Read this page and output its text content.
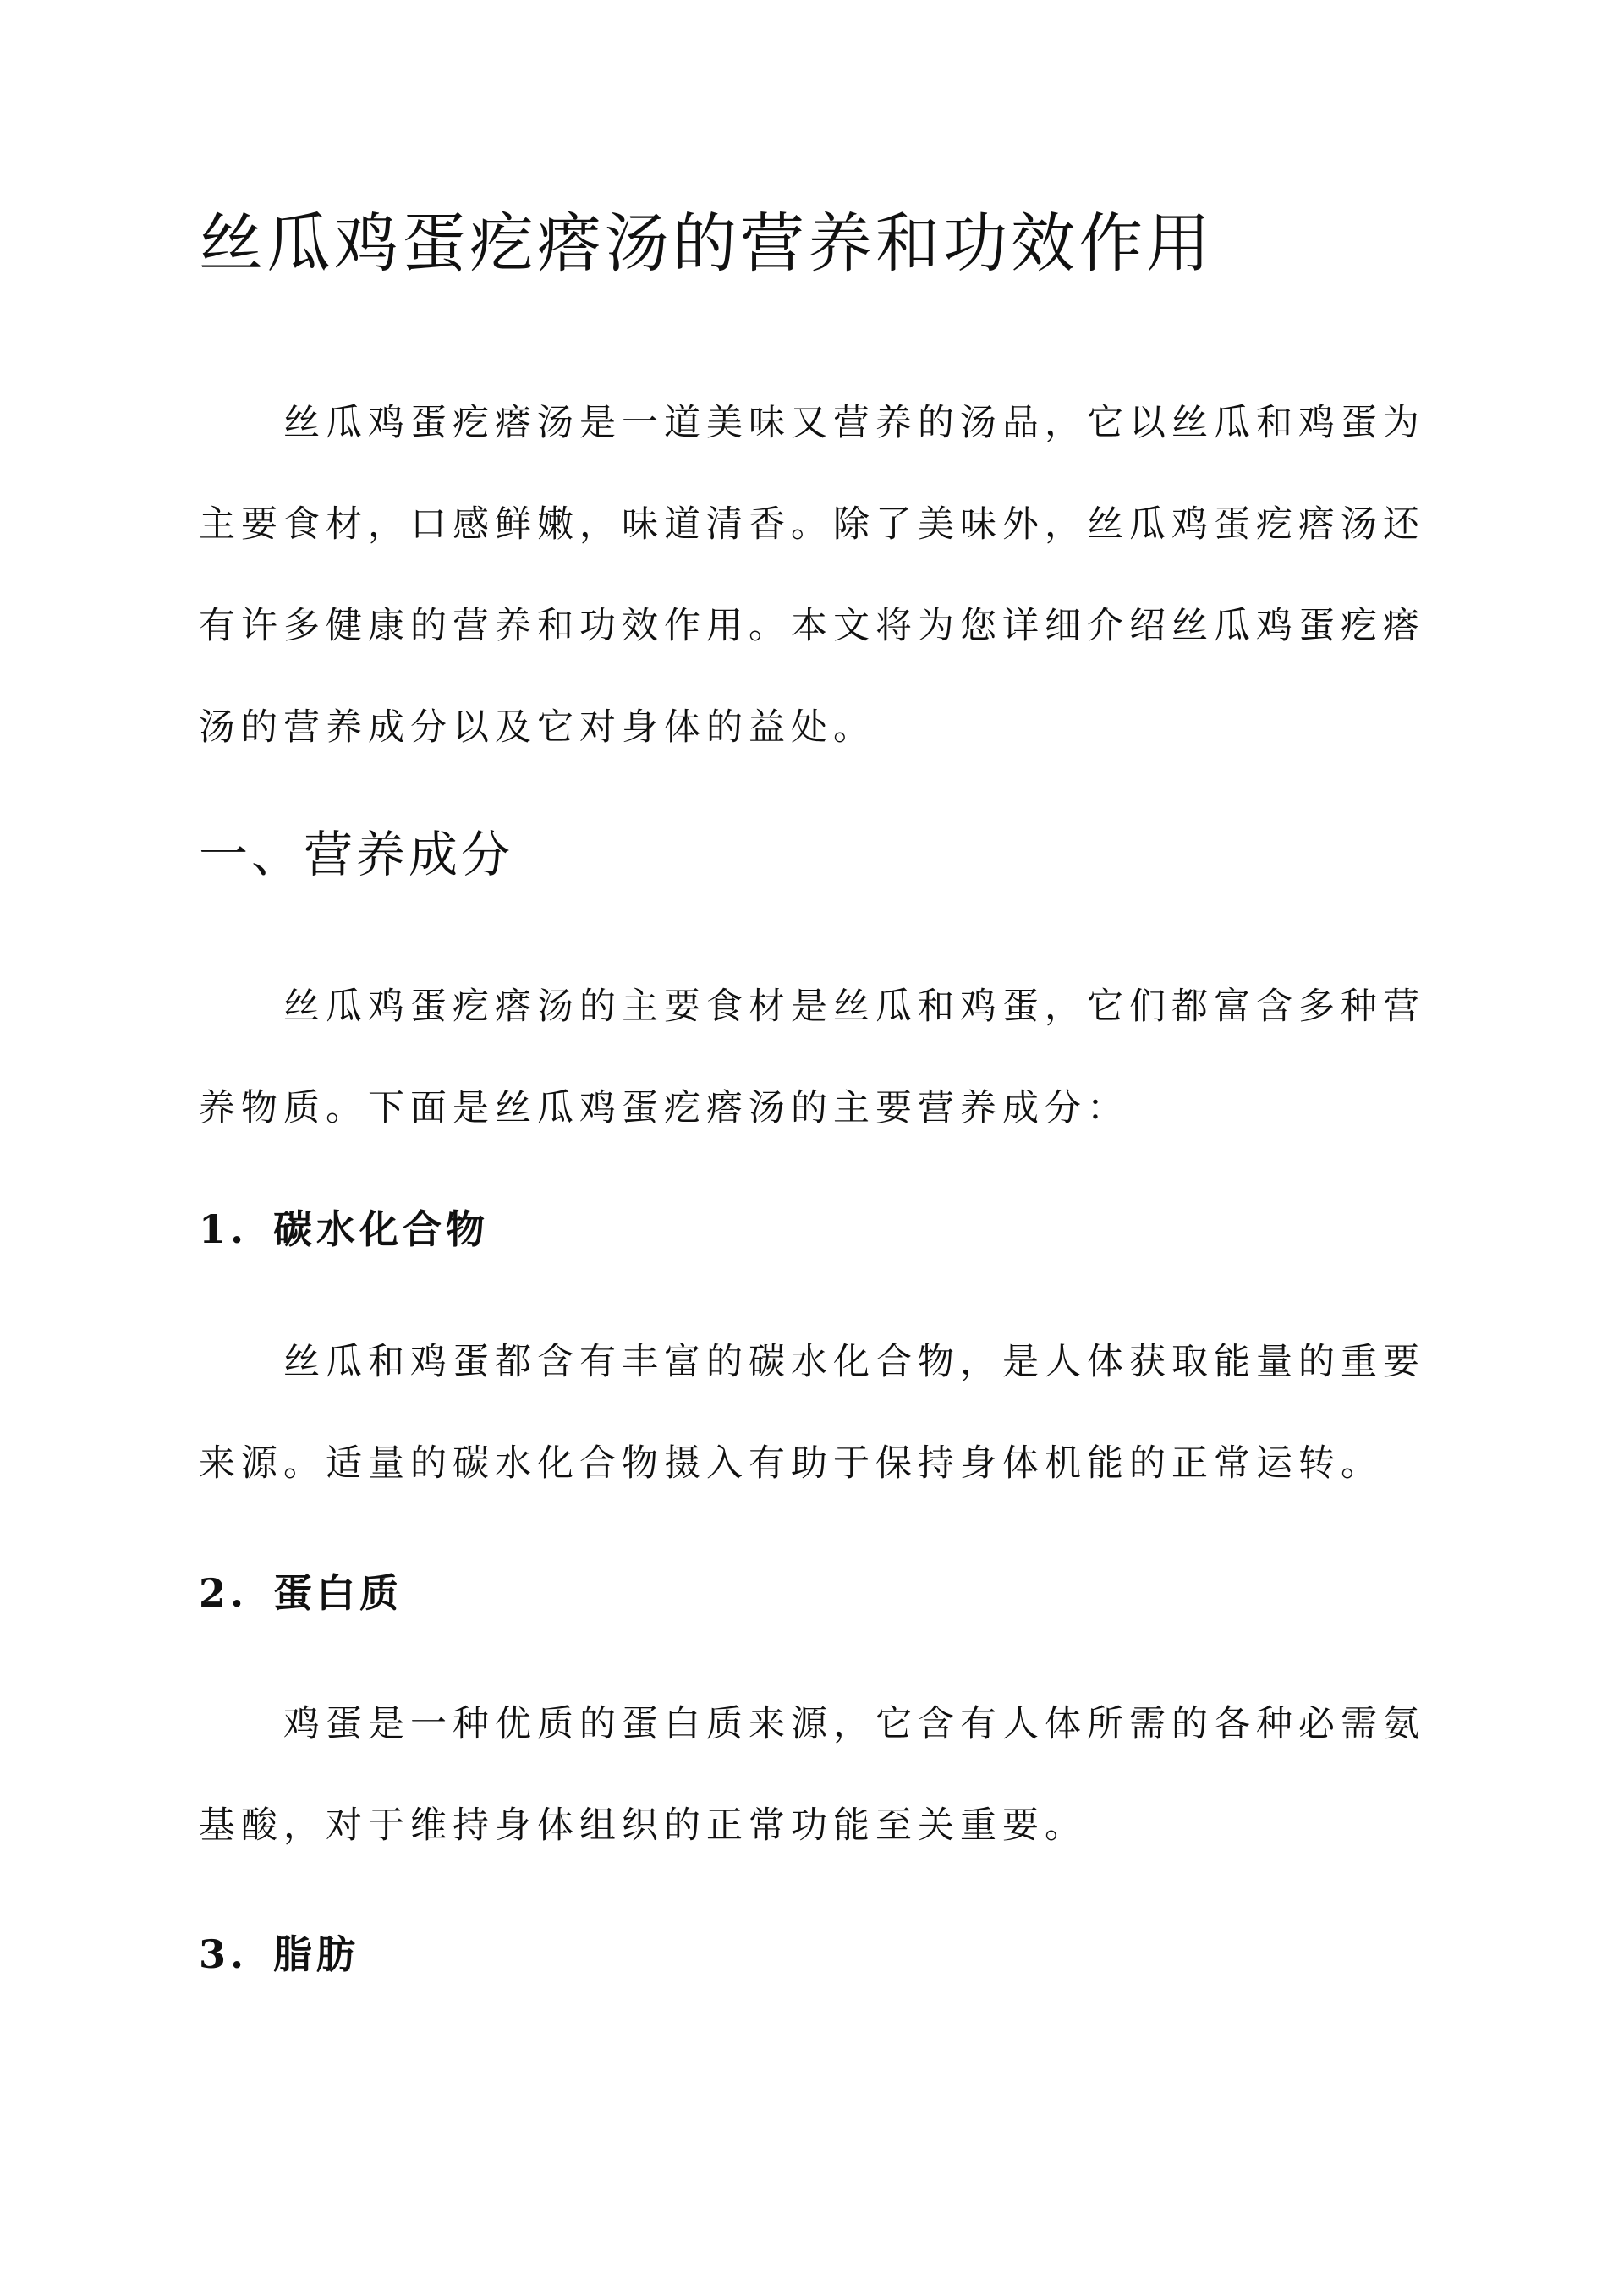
丝瓜鸡蛋疙瘩汤的营养和功效作用

丝瓜鸡蛋疙瘩汤是一道美味又营养的汤品，它以丝瓜和鸡蛋为主要食材，口感鲜嫩，味道清香。除了美味外，丝瓜鸡蛋疙瘩汤还有许多健康的营养和功效作用。本文将为您详细介绍丝瓜鸡蛋疙瘩汤的营养成分以及它对身体的益处。

一、营养成分

丝瓜鸡蛋疙瘩汤的主要食材是丝瓜和鸡蛋，它们都富含多种营养物质。下面是丝瓜鸡蛋疙瘩汤的主要营养成分：

1. 碳水化合物

丝瓜和鸡蛋都含有丰富的碳水化合物，是人体获取能量的重要来源。适量的碳水化合物摄入有助于保持身体机能的正常运转。

2. 蛋白质

鸡蛋是一种优质的蛋白质来源，它含有人体所需的各种必需氨基酸，对于维持身体组织的正常功能至关重要。

3. 脂肪
